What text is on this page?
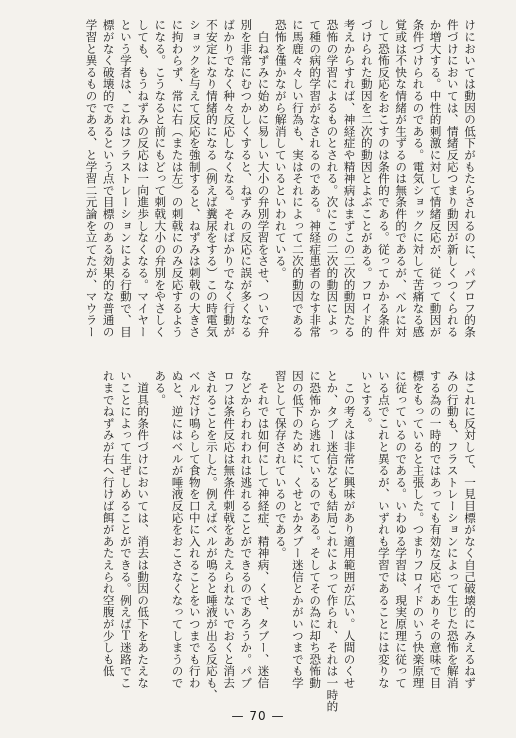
けにおいては動因の低下がもたらされるのに、パブロフ的条
件づけにおいては、情緒反応つまり動因が新しくつくられる
か増大する。中性的刺激に対して情緒反応が、従って動因が
条件づけられるのである。電気ショックに対して苦痛なる感
覚或は不快な情緒が生ずるのは無条件的であるが、ベルに対
して恐怖反応をおこすのは条件的である。従ってかかる条件
づけられた動因を二次的動因とよぶことがある。フロイド的
考えからすれば、神経症や精神病はまずこの二次的動因たる
恐怖の学習によるものとされる。次にこの二次的動因によっ
て種の病的学習がなされるのである。神経症患者のなす非常
に馬鹿々々しい行為も、実はそれによって二次的動因である
恐怖を僅かながら解消しているといわれている。
　白ねずみに始めに易しい大小の弁別学習をさせ、ついで弁
別を非常にむつかしくすると、ねずみの反応に誤が多くなる
ばかりでなく种々反応しなくなる。そればかりでなく行動が
不安定になり情緒的になる（例えば糞尿をする）この時電気
ショックを与えて反応を強制すると、ねずみは刺戟の大きさ
に拘わらず、常に右（または左）の刺戟にのみ反応するよう
になる。こうなると前にもどって刺戟大小の弁別をやさしく
しても、もうねずみの反応は一向進歩しなくなる。マイヤー
という学者は、これはフラストレーションによる行動で、目
標がなく破壊的であるという点で目標のある効果的な普通の
学習と異るものである、と学習二元論を立てたが、マウラー
はこれに反対して、一見目標がなく自己破壊的にみえるねず
みの行動も、フラストレーションによって生じた恐怖を解消
する為の一時的ではあっても有効な反応でありその意味で目
標をもっていると主張した。つまりフロイドのいう快楽原理
に従っているのである。いわゆる学習は、現実原理に従って
いる点でこれと異るが、いずれも学習であることには変りな
いとする。
　この考えは非常に興味があり適用範囲が広い。人間のくせ
とか、タブー迷信なども結局これによって作られ、それは一時的
に恐怖から逃れているのである。そしてその為に却ち恐怖動
因の低下のために、くせとかタブー迷信とかがいつまでも学
習として保存されているのである。
　それでは如何にして神経症、精神病、くせ、タブー、迷信
などからわれわれは逃れることができるのであろうか。パブ
ロフは条件反応は無条件刺戟をあたえられないでおくと消去
されることを示した。例えばベルが鳴ると唾液が出る反応も、
ベルだけ鳴らして食物を口中に入れることをいつまでも行わ
ぬと、逆にはベルが唾液反応をおこさなくなってしまうので
ある。
　道具的条件づけにおいては、消去は動因の低下をあたえな
いことによって生ぜしめることができる。例えばＴ迷路でこ
れまでねずみが右へ行けば餌があたえられ空腹が少しも低
— 70 —
